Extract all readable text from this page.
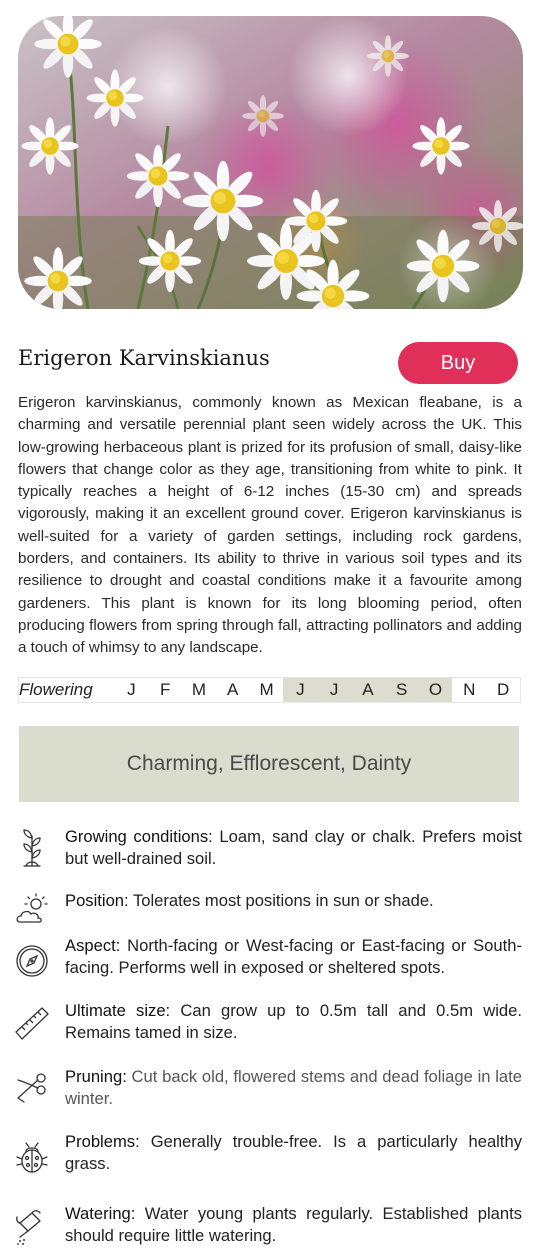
Erigeron Karvinskianus	Buy
Erigeron karvinskianus, commonly known as Mexican fleabane, is a charming and versatile perennial plant seen widely across the UK. This low-growing herbaceous plant is prized for its profusion of small, daisy-like flowers that change color as they age, transitioning from white to pink. It typically reaches a height of 6-12 inches (15-30 cm) and spreads vigorously, making it an excellent ground cover. Erigeron karvinskianus is well-suited for a variety of garden settings, including rock gardens, borders, and containers. Its ability to thrive in various soil types and its resilience to drought and coastal conditions make it a favourite among gardeners. This plant is known for its long blooming period, often producing flowers from spring through fall, attracting pollinators and adding a touch of whimsy to any landscape.
Flowering	J	F	M	A	M	J	J	A	S	O	N	D
Charming, Efflorescent, Dainty
Growing conditions: Loam, sand clay or chalk. Prefers moist but well-drained soil.
Position: Tolerates most positions in sun or shade.
Aspect: North-facing or West-facing or East-facing or South-facing. Performs well in exposed or sheltered spots.
Ultimate size: Can grow up to 0.5m tall and 0.5m wide. Remains tamed in size.
Pruning: Cut back old, flowered stems and dead foliage in late winter.
Problems: Generally trouble-free. Is a particularly healthy grass.
Watering: Water young plants regularly. Established plants should require little watering.
